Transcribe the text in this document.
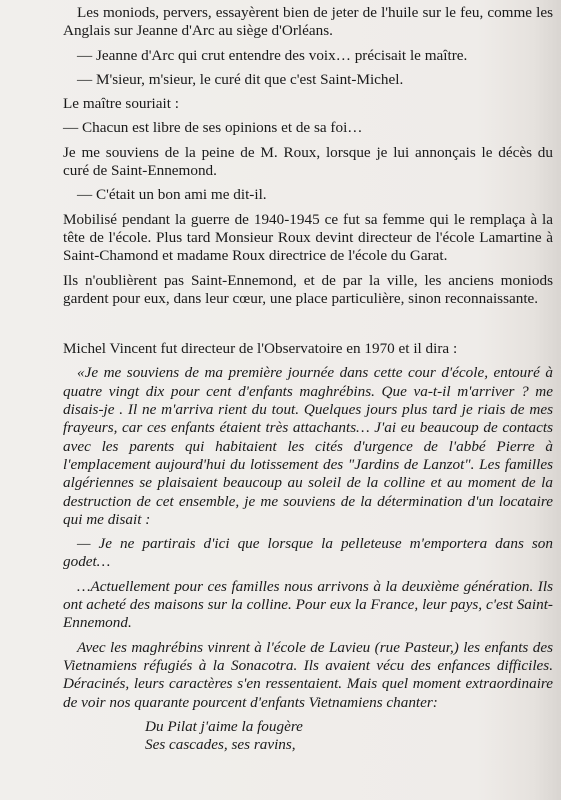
Les moniods, pervers, essayèrent bien de jeter de l'huile sur le feu, comme les Anglais sur Jeanne d'Arc au siège d'Orléans.

— Jeanne d'Arc qui crut entendre des voix… précisait le maître.

— M'sieur, m'sieur, le curé dit que c'est Saint-Michel.

Le maître souriait :

— Chacun est libre de ses opinions et de sa foi…

Je me souviens de la peine de M. Roux, lorsque je lui annonçais le décès du curé de Saint-Ennemond.

— C'était un bon ami me dit-il.

Mobilisé pendant la guerre de 1940-1945 ce fut sa femme qui le remplaça à la tête de l'école. Plus tard Monsieur Roux devint directeur de l'école Lamartine à Saint-Chamond et madame Roux directrice de l'école du Garat.

Ils n'oublièrent pas Saint-Ennemond, et de par la ville, les anciens moniods gardent pour eux, dans leur cœur, une place particulière, sinon reconnaissante.

Michel Vincent fut directeur de l'Observatoire en 1970 et il dira :

«Je me souviens de ma première journée dans cette cour d'école, entouré à quatre vingt dix pour cent d'enfants maghrébins. Que va-t-il m'arriver ? me disais-je . Il ne m'arriva rient du tout. Quelques jours plus tard je riais de mes frayeurs, car ces enfants étaient très attachants… J'ai eu beaucoup de contacts avec les parents qui habitaient les cités d'urgence de l'abbé Pierre à l'emplacement aujourd'hui du lotissement des "Jardins de Lanzot". Les familles algériennes se plaisaient beaucoup au soleil de la colline et au moment de la destruction de cet ensemble, je me souviens de la détermination d'un locataire qui me disait :

— Je ne partirais d'ici que lorsque la pelleteuse m'emportera dans son godet…

…Actuellement pour ces familles nous arrivons à la deuxième génération. Ils ont acheté des maisons sur la colline. Pour eux la France, leur pays, c'est Saint-Ennemond.

Avec les maghrébins vinrent à l'école de Lavieu (rue Pasteur,) les enfants des Vietnamiens réfugiés à la Sonacotra. Ils avaient vécu des enfances difficiles. Déracinés, leurs caractères s'en ressentaient. Mais quel moment extraordinaire de voir nos quarante pourcent d'enfants Vietnamiens chanter:

Du Pilat j'aime la fougère
Ses cascades, ses ravins,
